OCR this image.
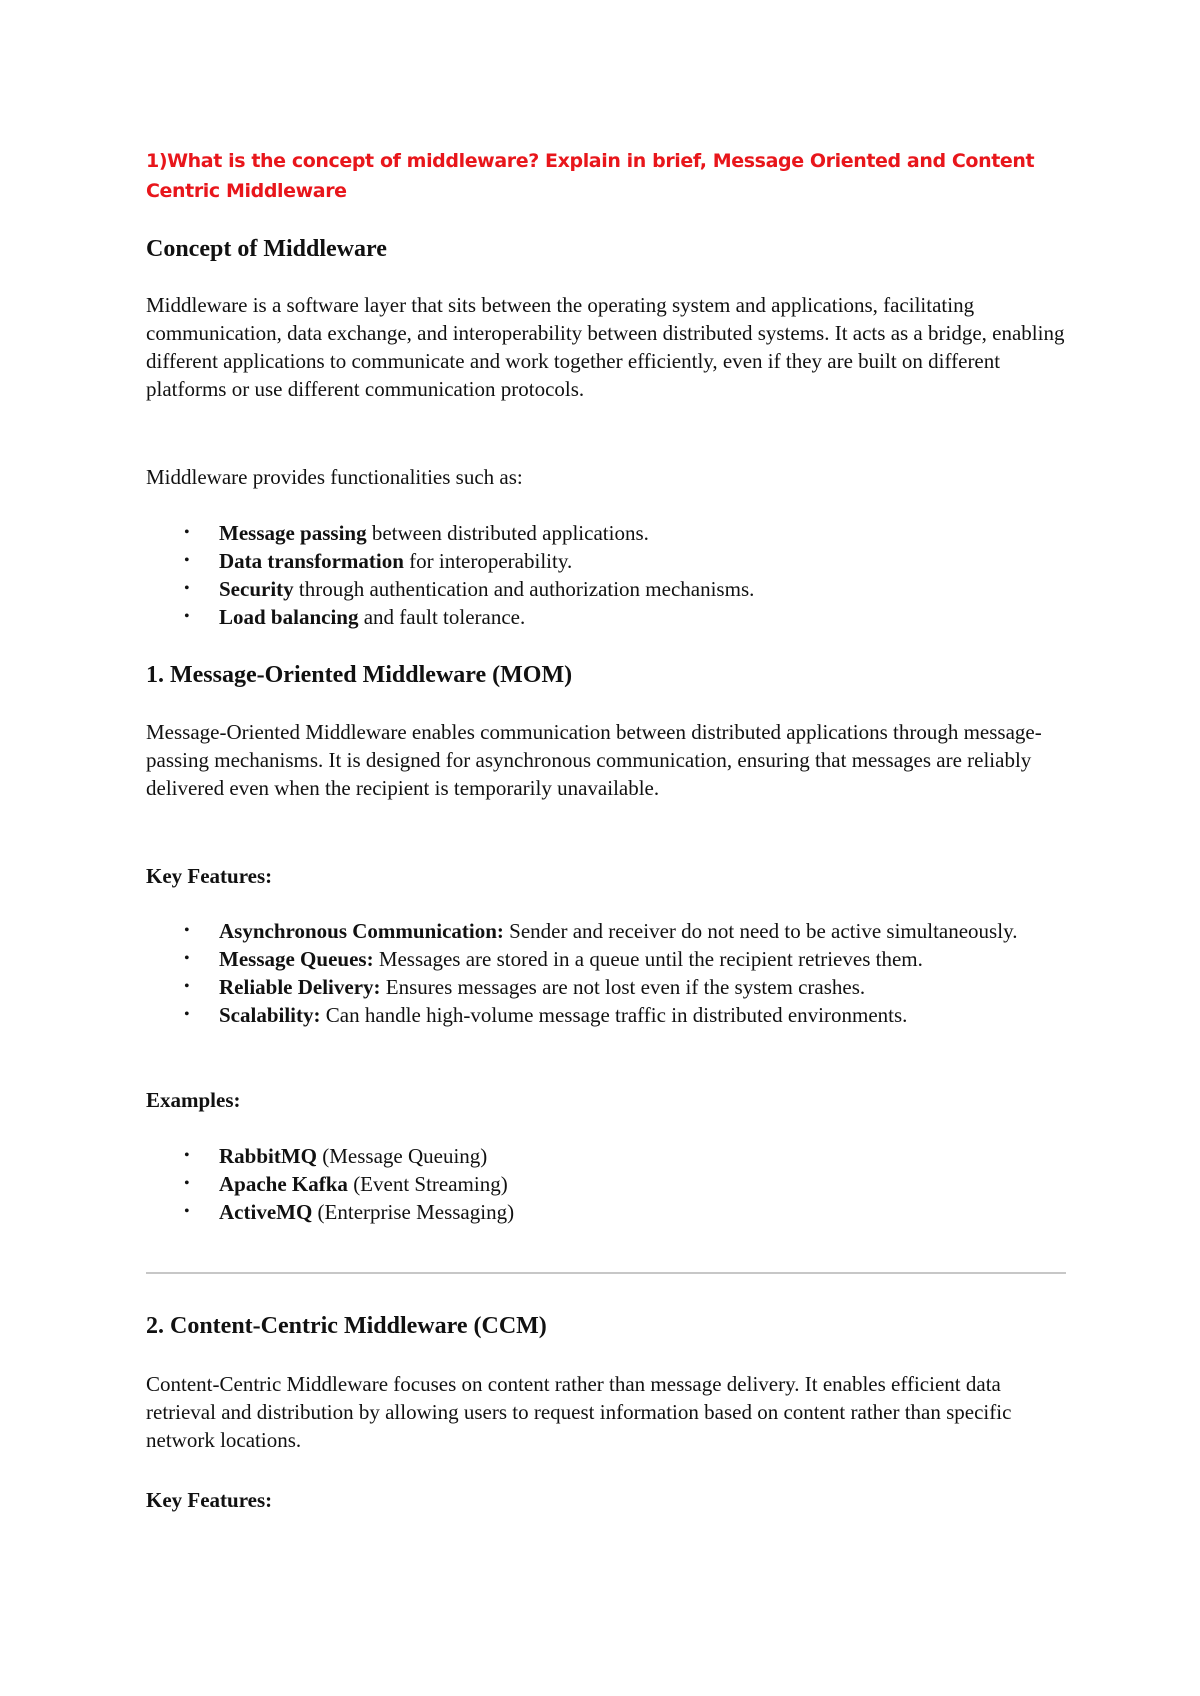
1)What is the concept of middleware? Explain in brief, Message Oriented and Content Centric Middleware
Concept of Middleware

Middleware is a software layer that sits between the operating system and applications, facilitating communication, data exchange, and interoperability between distributed systems. It acts as a bridge, enabling different applications to communicate and work together efficiently, even if they are built on different platforms or use different communication protocols.

Middleware provides functionalities such as:

• Message passing between distributed applications.
• Data transformation for interoperability.
• Security through authentication and authorization mechanisms.
• Load balancing and fault tolerance.
1. Message-Oriented Middleware (MOM)

Message-Oriented Middleware enables communication between distributed applications through message-passing mechanisms. It is designed for asynchronous communication, ensuring that messages are reliably delivered even when the recipient is temporarily unavailable.

Key Features:
• Asynchronous Communication: Sender and receiver do not need to be active simultaneously.
• Message Queues: Messages are stored in a queue until the recipient retrieves them.
• Reliable Delivery: Ensures messages are not lost even if the system crashes.
• Scalability: Can handle high-volume message traffic in distributed environments.
Examples:
• RabbitMQ (Message Queuing)
• Apache Kafka (Event Streaming)
• ActiveMQ (Enterprise Messaging)
2. Content-Centric Middleware (CCM)

Content-Centric Middleware focuses on content rather than message delivery. It enables efficient data retrieval and distribution by allowing users to request information based on content rather than specific network locations.

Key Features:
